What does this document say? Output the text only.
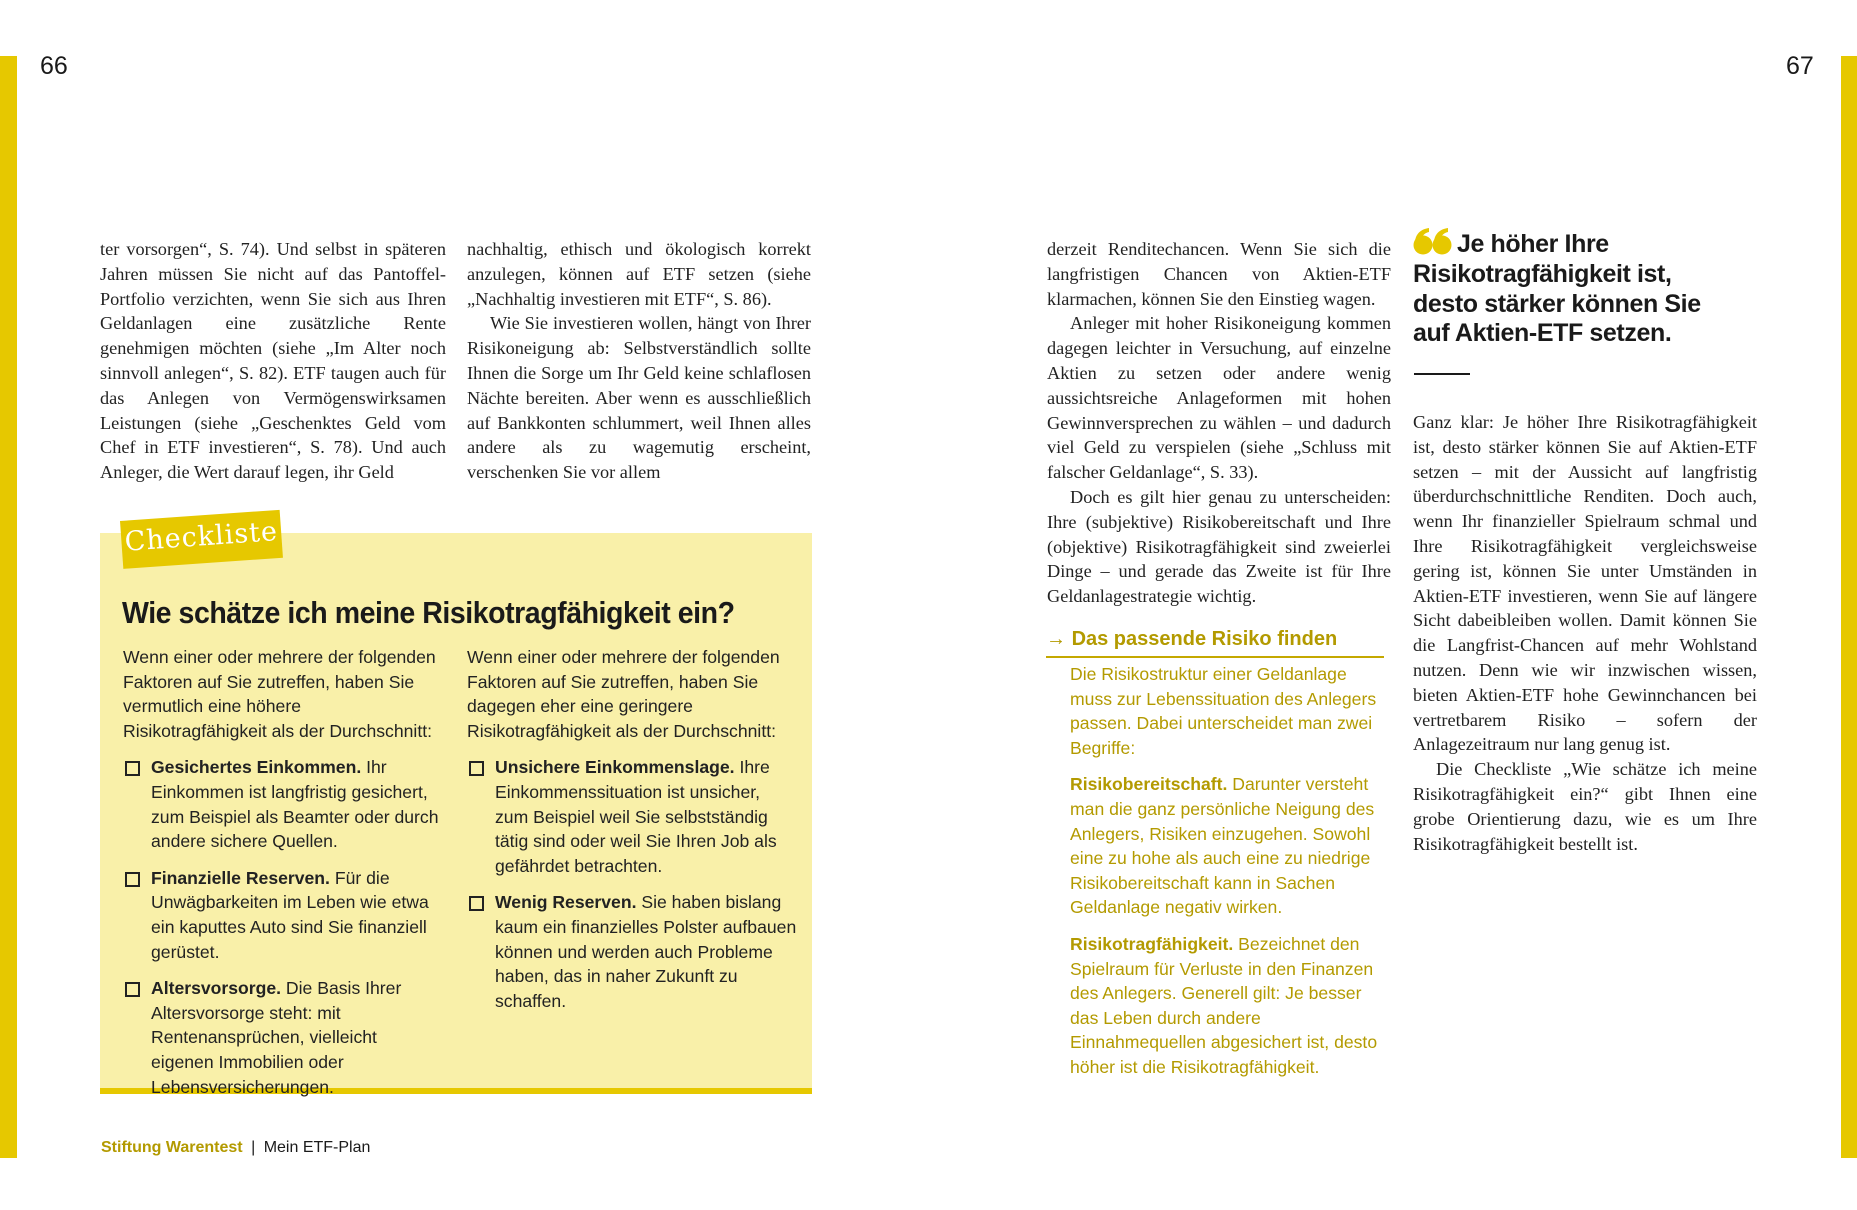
66	67

ter vorsorgen“, S. 74). Und selbst in späteren Jahren müssen Sie nicht auf das Pantoffel-Portfolio verzichten, wenn Sie sich aus Ihren Geldanlagen eine zusätzliche Rente genehmigen möchten (siehe „Im Alter noch sinnvoll anlegen“, S. 82). ETF taugen auch für das Anlegen von Vermögenswirksamen Leistungen (siehe „Geschenktes Geld vom Chef in ETF investieren“, S. 78). Und auch Anleger, die Wert darauf legen, ihr Geld

nachhaltig, ethisch und ökologisch korrekt anzulegen, können auf ETF setzen (siehe „Nachhaltig investieren mit ETF“, S. 86).

Wie Sie investieren wollen, hängt von Ihrer Risikoneigung ab: Selbstverständlich sollte Ihnen die Sorge um Ihr Geld keine schlaflosen Nächte bereiten. Aber wenn es ausschließlich auf Bankkonten schlummert, weil Ihnen alles andere als zu wagemutig erscheint, verschenken Sie vor allem

Checkliste
Wie schätze ich meine Risikotragfähigkeit ein?

Wenn einer oder mehrere der folgenden Faktoren auf Sie zutreffen, haben Sie vermutlich eine höhere Risikotragfähigkeit als der Durchschnitt:

Gesichertes Einkommen. Ihr Einkommen ist langfristig gesichert, zum Beispiel als Beamter oder durch andere sichere Quellen.
Finanzielle Reserven. Für die Unwägbarkeiten im Leben wie etwa ein kaputtes Auto sind Sie finanziell gerüstet.
Altersvorsorge. Die Basis Ihrer Altersvorsorge steht: mit Rentenansprüchen, vielleicht eigenen Immobilien oder Lebensversicherungen.

Wenn einer oder mehrere der folgenden Faktoren auf Sie zutreffen, haben Sie dagegen eher eine geringere Risikotragfähigkeit als der Durchschnitt:

Unsichere Einkommenslage. Ihre Einkommenssituation ist unsicher, zum Beispiel weil Sie selbstständig tätig sind oder weil Sie Ihren Job als gefährdet betrachten.
Wenig Reserven. Sie haben bislang kaum ein finanzielles Polster aufbauen können und werden auch Probleme haben, das in naher Zukunft zu schaffen.

derzeit Renditechancen. Wenn Sie sich die langfristigen Chancen von Aktien-ETF klarmachen, können Sie den Einstieg wagen.

Anleger mit hoher Risikoneigung kommen dagegen leichter in Versuchung, auf einzelne Aktien zu setzen oder andere wenig aussichtsreiche Anlageformen mit hohen Gewinnversprechen zu wählen – und dadurch viel Geld zu verspielen (siehe „Schluss mit falscher Geldanlage“, S. 33).

Doch es gilt hier genau zu unterscheiden: Ihre (subjektive) Risikobereitschaft und Ihre (objektive) Risikotragfähigkeit sind zweierlei Dinge – und gerade das Zweite ist für Ihre Geldanlagestrategie wichtig.

→ Das passende Risiko finden

Die Risikostruktur einer Geldanlage muss zur Lebenssituation des Anlegers passen. Dabei unterscheidet man zwei Begriffe:

Risikobereitschaft. Darunter versteht man die ganz persönliche Neigung des Anlegers, Risiken einzugehen. Sowohl eine zu hohe als auch eine zu niedrige Risikobereitschaft kann in Sachen Geldanlage negativ wirken.

Risikotragfähigkeit. Bezeichnet den Spielraum für Verluste in den Finanzen des Anlegers. Generell gilt: Je besser das Leben durch andere Einnahmequellen abgesichert ist, desto höher ist die Risikotragfähigkeit.

Je höher Ihre Risikotragfähigkeit ist, desto stärker können Sie auf Aktien-ETF setzen.

Ganz klar: Je höher Ihre Risikotragfähigkeit ist, desto stärker können Sie auf Aktien-ETF setzen – mit der Aussicht auf langfristig überdurchschnittliche Renditen. Doch auch, wenn Ihr finanzieller Spielraum schmal und Ihre Risikotragfähigkeit vergleichsweise gering ist, können Sie unter Umständen in Aktien-ETF investieren, wenn Sie auf längere Sicht dabeibleiben wollen. Damit können Sie die Langfrist-Chancen auf mehr Wohlstand nutzen. Denn wie wir inzwischen wissen, bieten Aktien-ETF hohe Gewinnchancen bei vertretbarem Risiko – sofern der Anlagezeitraum nur lang genug ist.

Die Checkliste „Wie schätze ich meine Risikotragfähigkeit ein?“ gibt Ihnen eine grobe Orientierung dazu, wie es um Ihre Risikotragfähigkeit bestellt ist.

Stiftung Warentest | Mein ETF-Plan
